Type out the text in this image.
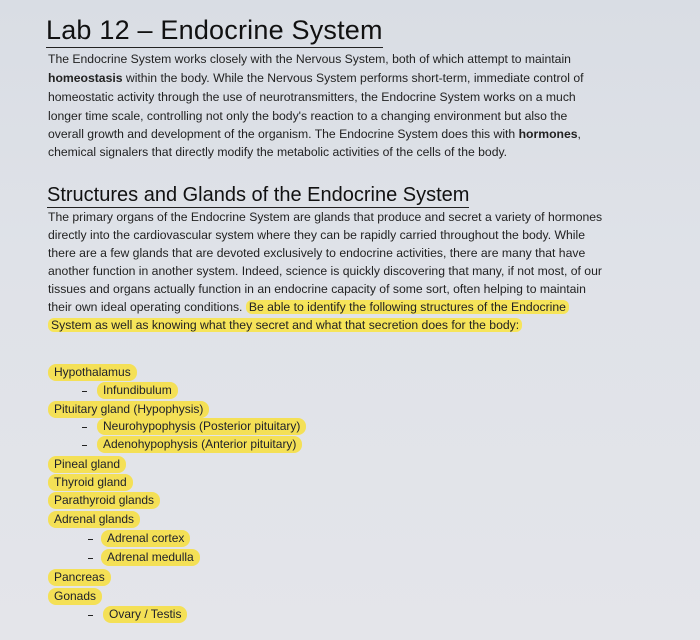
Lab 12 – Endocrine System
The Endocrine System works closely with the Nervous System, both of which attempt to maintain
homeostasis within the body. While the Nervous System performs short-term, immediate control of
homeostatic activity through the use of neurotransmitters, the Endocrine System works on a much
longer time scale, controlling not only the body's reaction to a changing environment but also the
overall growth and development of the organism. The Endocrine System does this with hormones,
chemical signalers that directly modify the metabolic activities of the cells of the body.
Structures and Glands of the Endocrine System
The primary organs of the Endocrine System are glands that produce and secret a variety of hormones
directly into the cardiovascular system where they can be rapidly carried throughout the body. While
there are a few glands that are devoted exclusively to endocrine activities, there are many that have
another function in another system. Indeed, science is quickly discovering that many, if not most, of our
tissues and organs actually function in an endocrine capacity of some sort, often helping to maintain
their own ideal operating conditions. Be able to identify the following structures of the Endocrine
System as well as knowing what they secret and what that secretion does for the body:
Hypothalamus
Infundibulum
Pituitary gland (Hypophysis)
Neurohypophysis (Posterior pituitary)
Adenohypophysis (Anterior pituitary)
Pineal gland
Thyroid gland
Parathyroid glands
Adrenal glands
Adrenal cortex
Adrenal medulla
Pancreas
Gonads
Ovary / Testis
